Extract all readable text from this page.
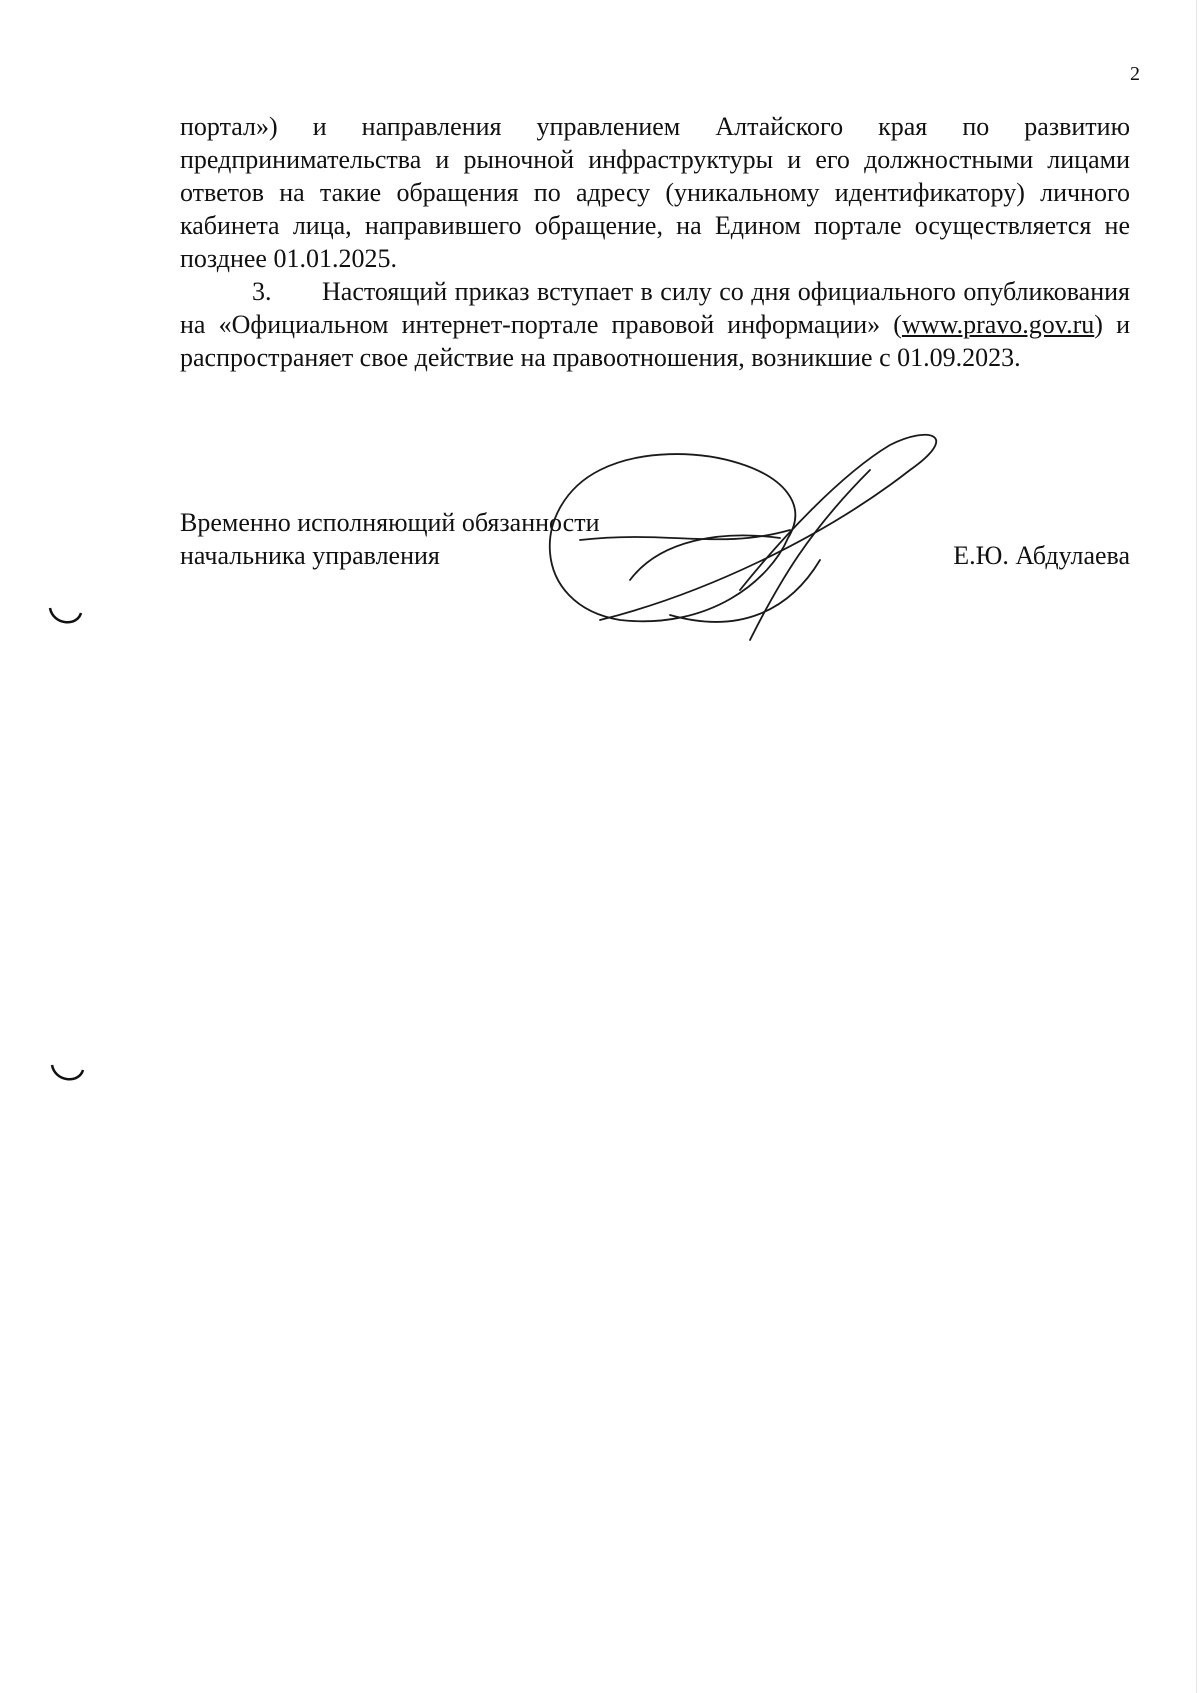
2

портал») и направления управлением Алтайского края по развитию предпринимательства и рыночной инфраструктуры и его должностными лицами ответов на такие обращения по адресу (уникальному идентификатору) личного кабинета лица, направившего обращение, на Едином портале осуществляется не позднее 01.01.2025.

3. Настоящий приказ вступает в силу со дня официального опубликования на «Официальном интернет-портале правовой информации» (www.pravo.gov.ru) и распространяет свое действие на правоотношения, возникшие с 01.09.2023.

Временно исполняющий обязанности
начальника управления	Е.Ю. Абдулаева
